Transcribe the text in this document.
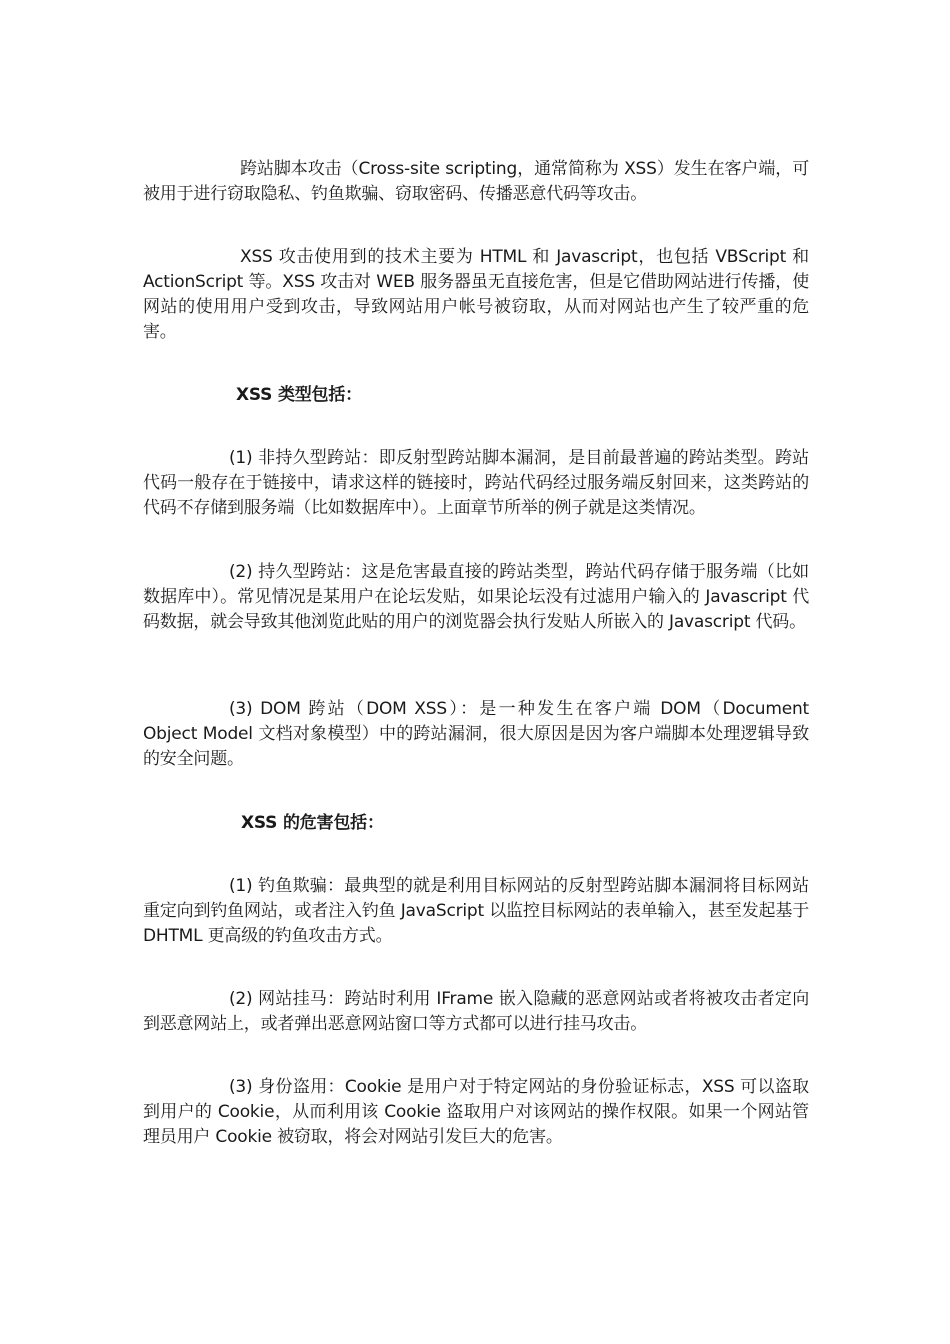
跨站脚本攻击（Cross-site scripting，通常简称为 XSS）发生在客户端，可被用于进行窃取隐私、钓鱼欺骗、窃取密码、传播恶意代码等攻击。

XSS 攻击使用到的技术主要为 HTML 和 Javascript，也包括 VBScript 和 ActionScript 等。XSS 攻击对 WEB 服务器虽无直接危害，但是它借助网站进行传播，使网站的使用用户受到攻击，导致网站用户帐号被窃取，从而对网站也产生了较严重的危害。

XSS 类型包括：

(1) 非持久型跨站：即反射型跨站脚本漏洞，是目前最普遍的跨站类型。跨站代码一般存在于链接中，请求这样的链接时，跨站代码经过服务端反射回来，这类跨站的代码不存储到服务端（比如数据库中）。上面章节所举的例子就是这类情况。

(2) 持久型跨站：这是危害最直接的跨站类型，跨站代码存储于服务端（比如数据库中）。常见情况是某用户在论坛发贴，如果论坛没有过滤用户输入的 Javascript 代码数据，就会导致其他浏览此贴的用户的浏览器会执行发贴人所嵌入的 Javascript 代码。

(3) DOM 跨站（DOM XSS）：是一种发生在客户端 DOM（Document Object Model 文档对象模型）中的跨站漏洞，很大原因是因为客户端脚本处理逻辑导致的安全问题。

XSS 的危害包括：

(1) 钓鱼欺骗：最典型的就是利用目标网站的反射型跨站脚本漏洞将目标网站重定向到钓鱼网站，或者注入钓鱼 JavaScript 以监控目标网站的表单输入，甚至发起基于 DHTML 更高级的钓鱼攻击方式。

(2) 网站挂马：跨站时利用 IFrame 嵌入隐藏的恶意网站或者将被攻击者定向到恶意网站上，或者弹出恶意网站窗口等方式都可以进行挂马攻击。

(3) 身份盗用：Cookie 是用户对于特定网站的身份验证标志，XSS 可以盗取到用户的 Cookie，从而利用该 Cookie 盗取用户对该网站的操作权限。如果一个网站管理员用户 Cookie 被窃取，将会对网站引发巨大的危害。
